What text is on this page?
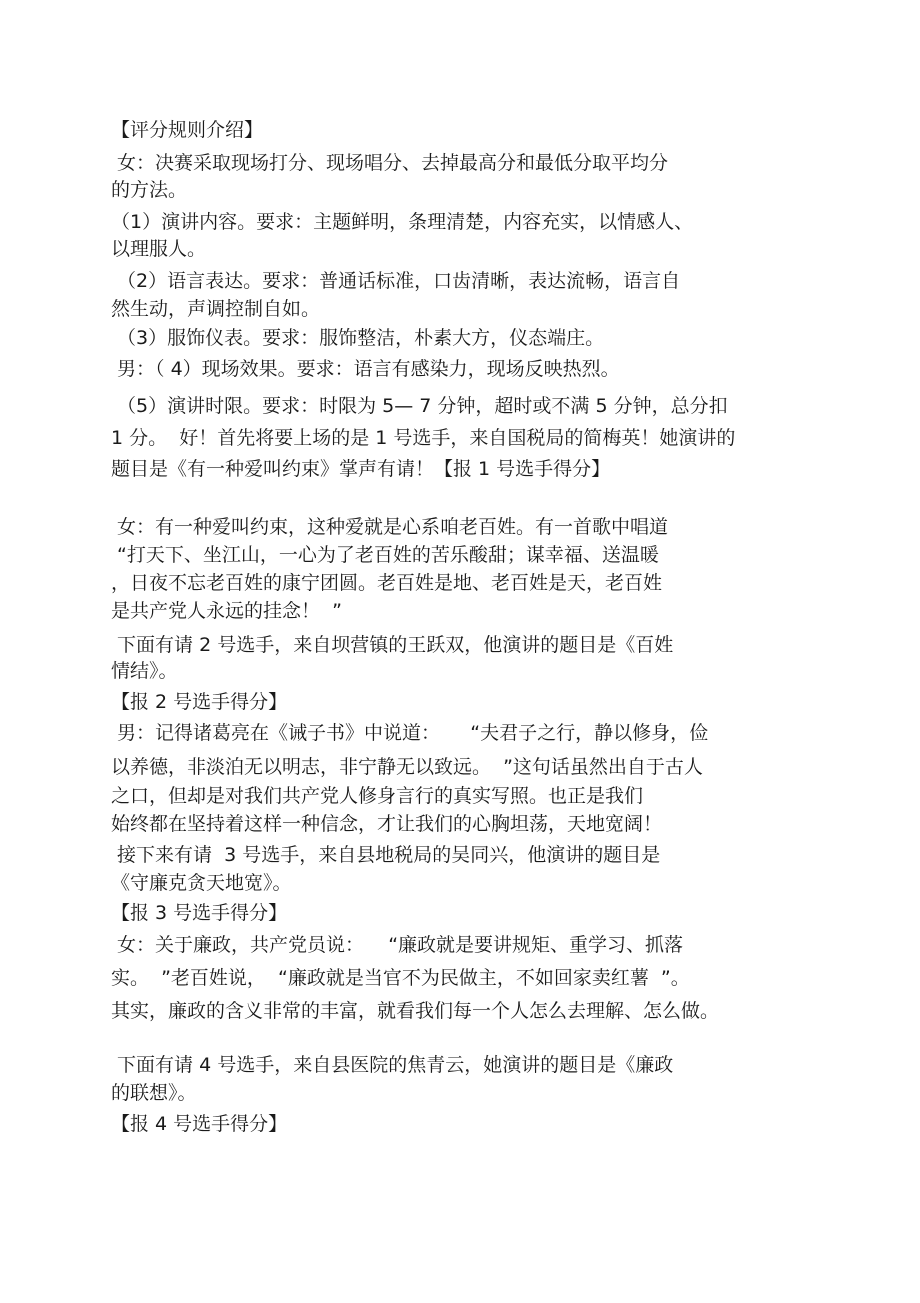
【评分规则介绍】

女：决赛采取现场打分、现场唱分、去掉最高分和最低分取平均分

的方法。

（1）演讲内容。要求：主题鲜明，条理清楚，内容充实，以情感人、

以理服人。

（2）语言表达。要求：普通话标准，口齿清晰，表达流畅，语言自

然生动，声调控制自如。

（3）服饰仪表。要求：服饰整洁，朴素大方，仪态端庄。

男：（ 4）现场效果。要求：语言有感染力，现场反映热烈。

（5）演讲时限。要求：时限为 5— 7 分钟，超时或不满 5 分钟，总分扣

1 分。  好！首先将要上场的是 1 号选手，来自国税局的简梅英！她演讲的

题目是《有一种爱叫约束》掌声有请！【报 1 号选手得分】

女：有一种爱叫约束，这种爱就是心系咱老百姓。有一首歌中唱道

“打天下、坐江山，一心为了老百姓的苦乐酸甜；谋幸福、送温暖

，日夜不忘老百姓的康宁团圆。老百姓是地、老百姓是天，老百姓

是共产党人永远的挂念！  ”

下面有请 2 号选手，来自坝营镇的王跃双，他演讲的题目是《百姓

情结》。

【报 2 号选手得分】

男：记得诸葛亮在《诫子书》中说道：     “夫君子之行，静以修身，俭

以养德，非淡泊无以明志，非宁静无以致远。  ”这句话虽然出自于古人

之口，但却是对我们共产党人修身言行的真实写照。也正是我们

始终都在坚持着这样一种信念，才让我们的心胸坦荡，天地宽阔！

接下来有请  3 号选手，来自县地税局的吴同兴，他演讲的题目是

《守廉克贪天地宽》。

【报 3 号选手得分】

女：关于廉政，共产党员说：    “廉政就是要讲规矩、重学习、抓落

实。  ”老百姓说，  “廉政就是当官不为民做主，不如回家卖红薯  ”。

其实，廉政的含义非常的丰富，就看我们每一个人怎么去理解、怎么做。

下面有请 4 号选手，来自县医院的焦青云，她演讲的题目是《廉政

的联想》。

【报 4 号选手得分】
